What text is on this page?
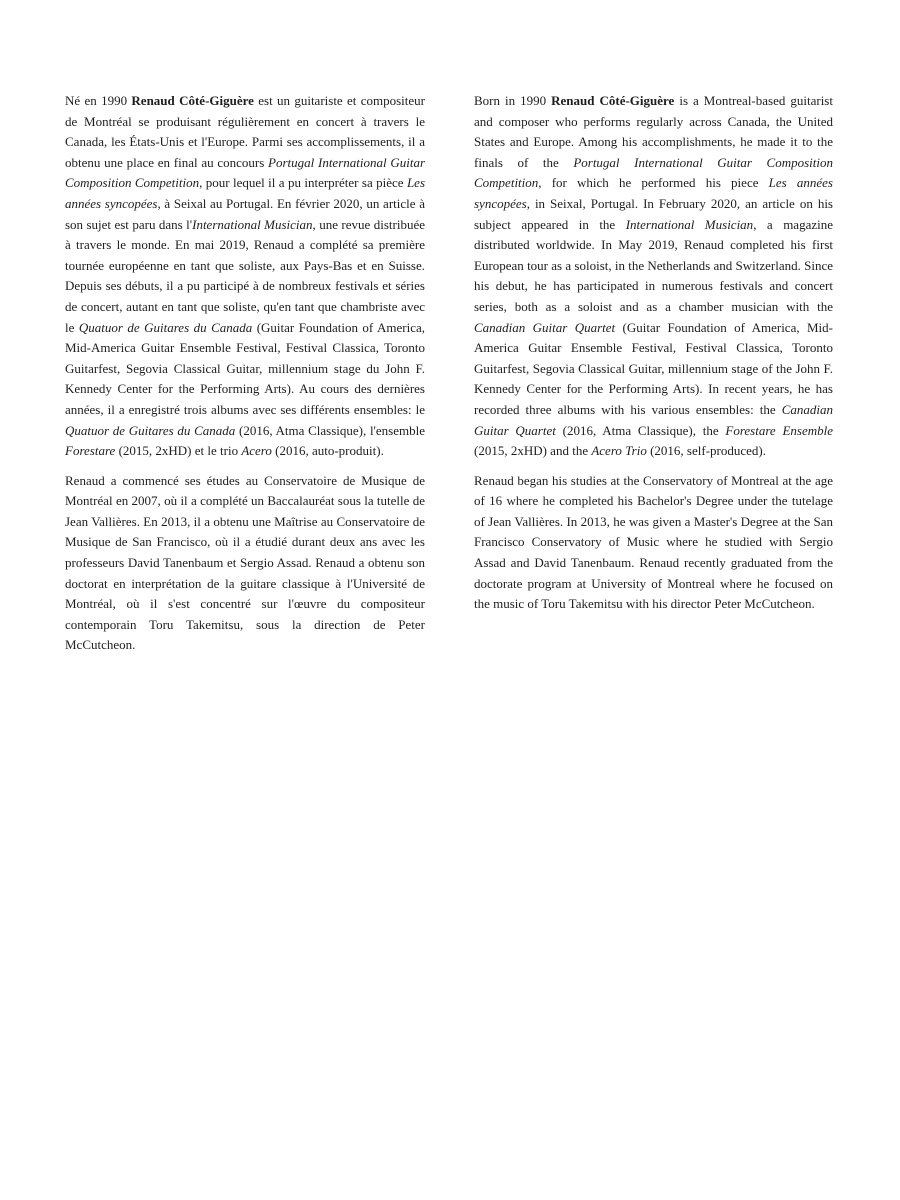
Né en 1990 Renaud Côté-Giguère est un guitariste et compositeur de Montréal se produisant régulièrement en concert à travers le Canada, les États-Unis et l'Europe. Parmi ses accomplissements, il a obtenu une place en final au concours Portugal International Guitar Composition Competition, pour lequel il a pu interpréter sa pièce Les années syncopées, à Seixal au Portugal. En février 2020, un article à son sujet est paru dans l'International Musician, une revue distribuée à travers le monde. En mai 2019, Renaud a complété sa première tournée européenne en tant que soliste, aux Pays-Bas et en Suisse. Depuis ses débuts, il a pu participé à de nombreux festivals et séries de concert, autant en tant que soliste, qu'en tant que chambriste avec le Quatuor de Guitares du Canada (Guitar Foundation of America, Mid-America Guitar Ensemble Festival, Festival Classica, Toronto Guitarfest, Segovia Classical Guitar, millennium stage du John F. Kennedy Center for the Performing Arts). Au cours des dernières années, il a enregistré trois albums avec ses différents ensembles: le Quatuor de Guitares du Canada (2016, Atma Classique), l'ensemble Forestare (2015, 2xHD) et le trio Acero (2016, auto-produit).

Renaud a commencé ses études au Conservatoire de Musique de Montréal en 2007, où il a complété un Baccalauréat sous la tutelle de Jean Vallières. En 2013, il a obtenu une Maîtrise au Conservatoire de Musique de San Francisco, où il a étudié durant deux ans avec les professeurs David Tanenbaum et Sergio Assad. Renaud a obtenu son doctorat en interprétation de la guitare classique à l'Université de Montréal, où il s'est concentré sur l'œuvre du compositeur contemporain Toru Takemitsu, sous la direction de Peter McCutcheon.

Born in 1990 Renaud Côté-Giguère is a Montreal-based guitarist and composer who performs regularly across Canada, the United States and Europe. Among his accomplishments, he made it to the finals of the Portugal International Guitar Composition Competition, for which he performed his piece Les années syncopées, in Seixal, Portugal. In February 2020, an article on his subject appeared in the International Musician, a magazine distributed worldwide. In May 2019, Renaud completed his first European tour as a soloist, in the Netherlands and Switzerland. Since his debut, he has participated in numerous festivals and concert series, both as a soloist and as a chamber musician with the Canadian Guitar Quartet (Guitar Foundation of America, Mid-America Guitar Ensemble Festival, Festival Classica, Toronto Guitarfest, Segovia Classical Guitar, millennium stage of the John F. Kennedy Center for the Performing Arts). In recent years, he has recorded three albums with his various ensembles: the Canadian Guitar Quartet (2016, Atma Classique), the Forestare Ensemble (2015, 2xHD) and the Acero Trio (2016, self-produced).

Renaud began his studies at the Conservatory of Montreal at the age of 16 where he completed his Bachelor's Degree under the tutelage of Jean Vallières. In 2013, he was given a Master's Degree at the San Francisco Conservatory of Music where he studied with Sergio Assad and David Tanenbaum. Renaud recently graduated from the doctorate program at University of Montreal where he focused on the music of Toru Takemitsu with his director Peter McCutcheon.
